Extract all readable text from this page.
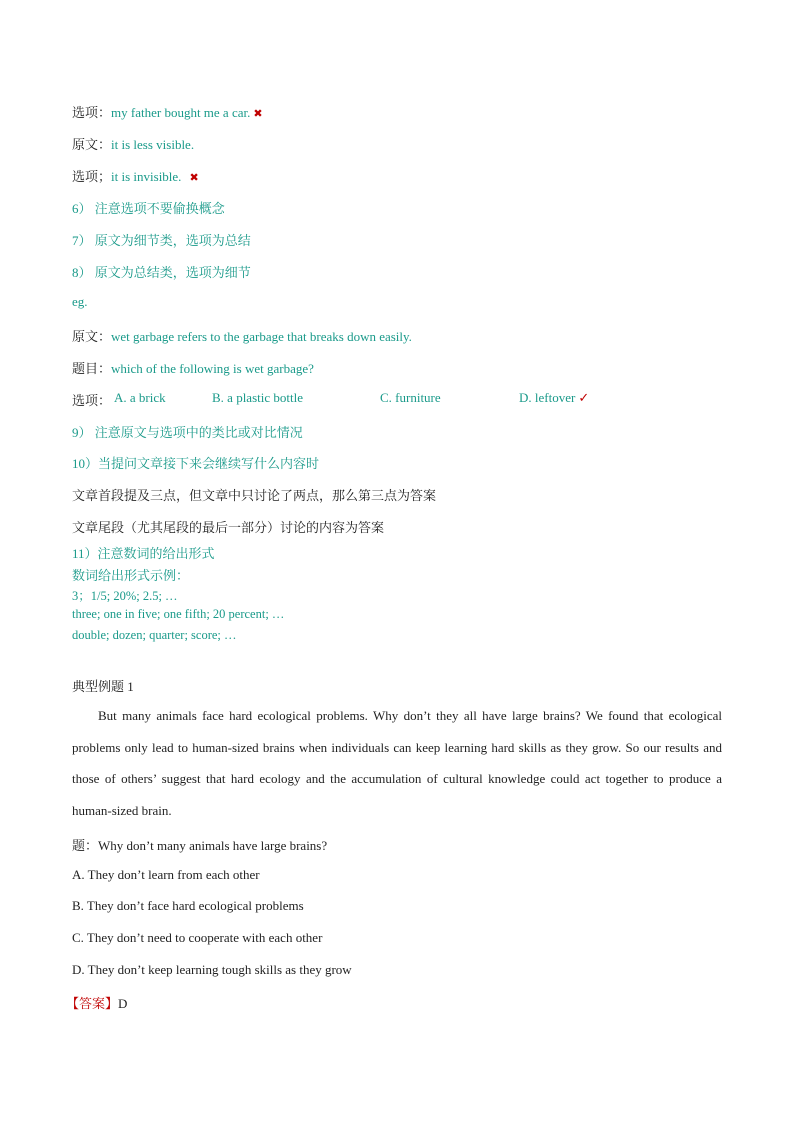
选项：my father bought me a car. ✖
原文：it is less visible.
选项；it is invisible. ✖
6） 注意选项不要偷换概念
7） 原文为细节类，选项为总结
8） 原文为总结类，选项为细节
eg.
原文：wet garbage refers to the garbage that breaks down easily.
题目：which of the following is wet garbage?
选项： A. a brick	B. a plastic bottle	C. furniture	D. leftover ✓
9） 注意原文与选项中的类比或对比情况
10）当提问文章接下来会继续写什么内容时
文章首段提及三点，但文章中只讨论了两点，那么第三点为答案
文章尾段（尤其尾段的最后一部分）讨论的内容为答案
11）注意数词的给出形式
数词给出形式示例：
3；1/5; 20%; 2.5; …
three; one in five; one fifth; 20 percent; …
double; dozen; quarter; score; …
典型例题 1
But many animals face hard ecological problems. Why don’t they all have large brains? We found that ecological problems only lead to human-sized brains when individuals can keep learning hard skills as they grow. So our results and those of others’ suggest that hard ecology and the accumulation of cultural knowledge could act together to produce a human-sized brain.
题：Why don’t many animals have large brains?
A. They don’t learn from each other
B. They don’t face hard ecological problems
C. They don’t need to cooperate with each other
D. They don’t keep learning tough skills as they grow
【答案】D
